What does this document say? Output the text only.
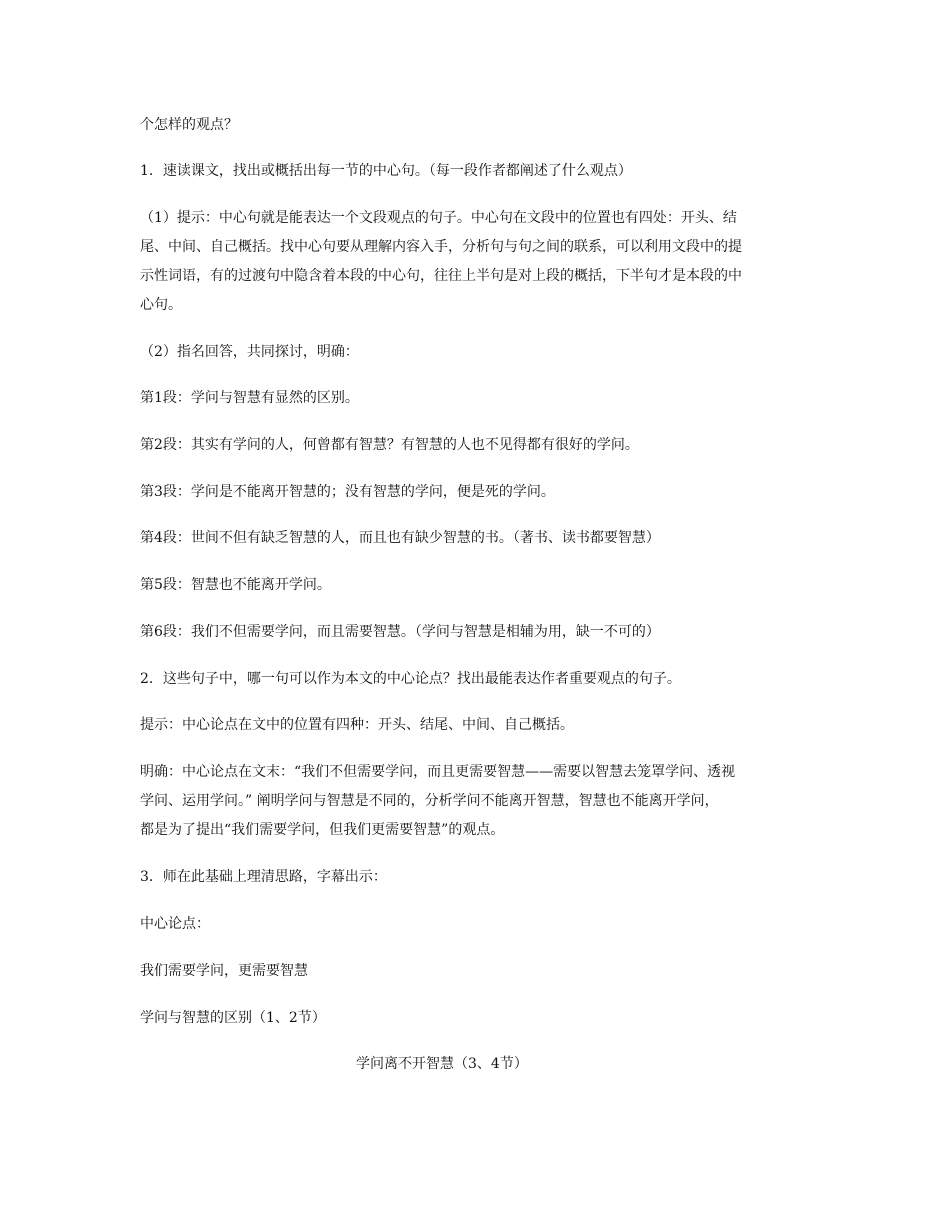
个怎样的观点？

1．速读课文，找出或概括出每一节的中心句。（每一段作者都阐述了什么观点）

（1）提示：中心句就是能表达一个文段观点的句子。中心句在文段中的位置也有四处：开头、结
尾、中间、自己概括。找中心句要从理解内容入手，分析句与句之间的联系，可以利用文段中的提
示性词语，有的过渡句中隐含着本段的中心句，往往上半句是对上段的概括，下半句才是本段的中
心句。

（2）指名回答，共同探讨，明确：

第1段：学问与智慧有显然的区别。

第2段：其实有学问的人，何曾都有智慧？有智慧的人也不见得都有很好的学问。

第3段：学问是不能离开智慧的；没有智慧的学问，便是死的学问。

第4段：世间不但有缺乏智慧的人，而且也有缺少智慧的书。（著书、读书都要智慧）

第5段：智慧也不能离开学问。

第6段：我们不但需要学问，而且需要智慧。（学问与智慧是相辅为用，缺一不可的）

2．这些句子中，哪一句可以作为本文的中心论点？找出最能表达作者重要观点的句子。

提示：中心论点在文中的位置有四种：开头、结尾、中间、自己概括。

明确：中心论点在文末：“我们不但需要学问，而且更需要智慧——需要以智慧去笼罩学问、透视
学问、运用学问。” 阐明学问与智慧是不同的，分析学问不能离开智慧，智慧也不能离开学问，
都是为了提出“我们需要学问，但我们更需要智慧”的观点。

3．师在此基础上理清思路，字幕出示：

中心论点：

我们需要学问，更需要智慧

学问与智慧的区别（1、2节）

学问离不开智慧（3、4节）
